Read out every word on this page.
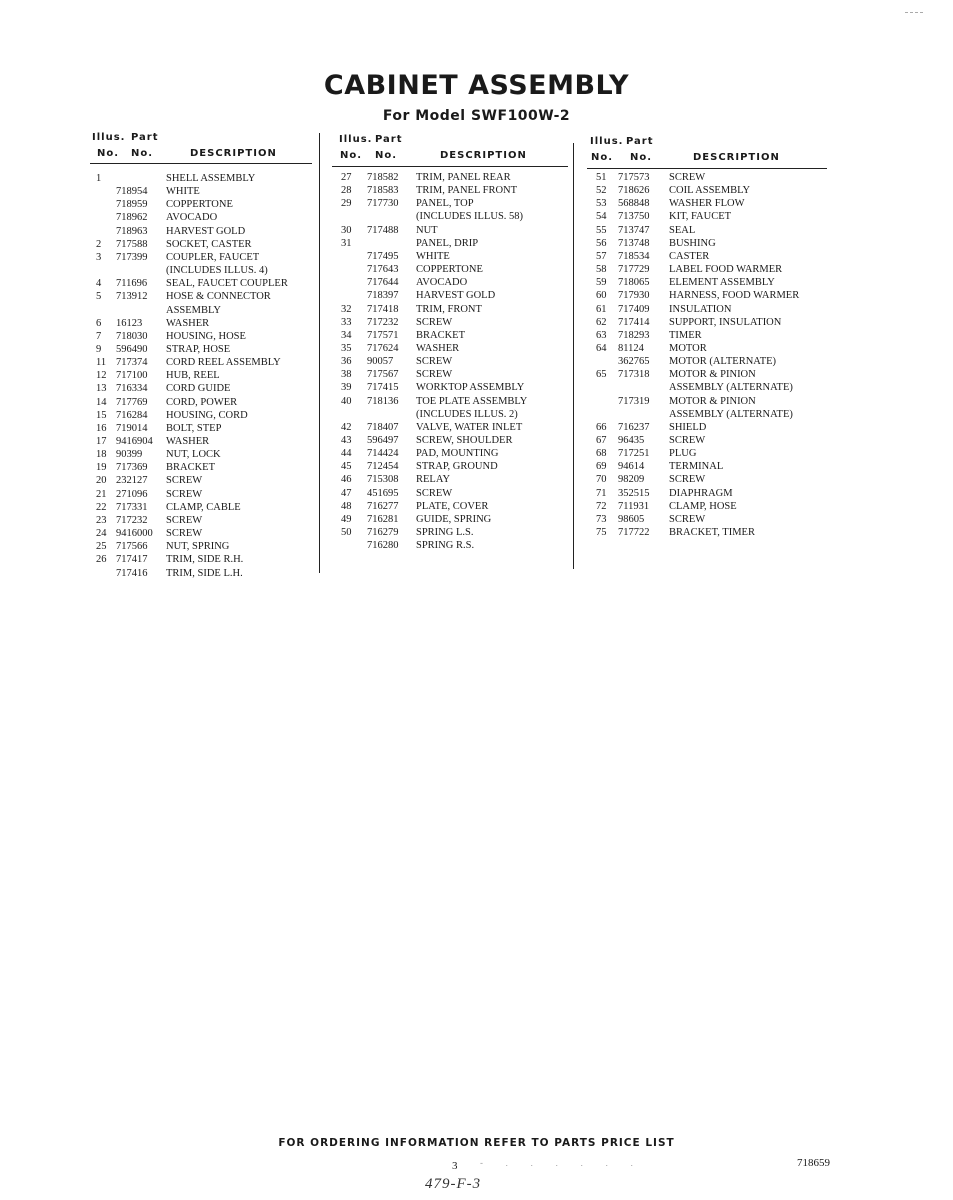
CABINET ASSEMBLY
For Model SWF100W-2
Illus. Part
No. No.	DESCRIPTION
Illus. Part
No. No.	DESCRIPTION
Illus. Part
No. No.	DESCRIPTION
1	SHELL ASSEMBLY
718954 WHITE
718959 COPPERTONE
718962 AVOCADO
718963 HARVEST GOLD
2 717588 SOCKET, CASTER
3 717399 COUPLER, FAUCET
(INCLUDES ILLUS. 4)
4 711696 SEAL, FAUCET COUPLER
5 713912 HOSE & CONNECTOR
ASSEMBLY
6 16123 WASHER
7 718030 HOUSING, HOSE
9 596490 STRAP, HOSE
11 717374 CORD REEL ASSEMBLY
12 717100 HUB, REEL
13 716334 CORD GUIDE
14 717769 CORD, POWER
15 716284 HOUSING, CORD
16 719014 BOLT, STEP
17 9416904 WASHER
18 90399 NUT, LOCK
19 717369 BRACKET
20 232127 SCREW
21 271096 SCREW
22 717331 CLAMP, CABLE
23 717232 SCREW
24 9416000 SCREW
25 717566 NUT, SPRING
26 717417 TRIM, SIDE R.H.
717416 TRIM, SIDE L.H.
27 718582 TRIM, PANEL REAR
28 718583 TRIM, PANEL FRONT
29 717730 PANEL, TOP
(INCLUDES ILLUS. 58)
30 717488 NUT
31	PANEL, DRIP
717495 WHITE
717643 COPPERTONE
717644 AVOCADO
718397 HARVEST GOLD
32 717418 TRIM, FRONT
33 717232 SCREW
34 717571 BRACKET
35 717624 WASHER
36 90057 SCREW
38 717567 SCREW
39 717415 WORKTOP ASSEMBLY
40 718136 TOE PLATE ASSEMBLY
(INCLUDES ILLUS. 2)
42 718407 VALVE, WATER INLET
43 596497 SCREW, SHOULDER
44 714424 PAD, MOUNTING
45 712454 STRAP, GROUND
46 715308 RELAY
47 451695 SCREW
48 716277 PLATE, COVER
49 716281 GUIDE, SPRING
50 716279 SPRING L.S.
716280 SPRING R.S.
51 717573 SCREW
52 718626 COIL ASSEMBLY
53 568848 WASHER FLOW
54 713750 KIT, FAUCET
55 713747 SEAL
56 713748 BUSHING
57 718534 CASTER
58 717729 LABEL FOOD WARMER
59 718065 ELEMENT ASSEMBLY
60 717930 HARNESS, FOOD WARMER
61 717409 INSULATION
62 717414 SUPPORT, INSULATION
63 718293 TIMER
64 81124 MOTOR
362765 MOTOR (ALTERNATE)
65 717318 MOTOR & PINION
ASSEMBLY (ALTERNATE)
717319 MOTOR & PINION
ASSEMBLY (ALTERNATE)
66 716237 SHIELD
67 96435 SCREW
68 717251 PLUG
69 94614 TERMINAL
70 98209 SCREW
71 352515 DIAPHRAGM
72 711931 CLAMP, HOSE
73 98605 SCREW
75 717722 BRACKET, TIMER
FOR ORDERING INFORMATION REFER TO PARTS PRICE LIST
3	- . . . . . .	718659
479-F-3
